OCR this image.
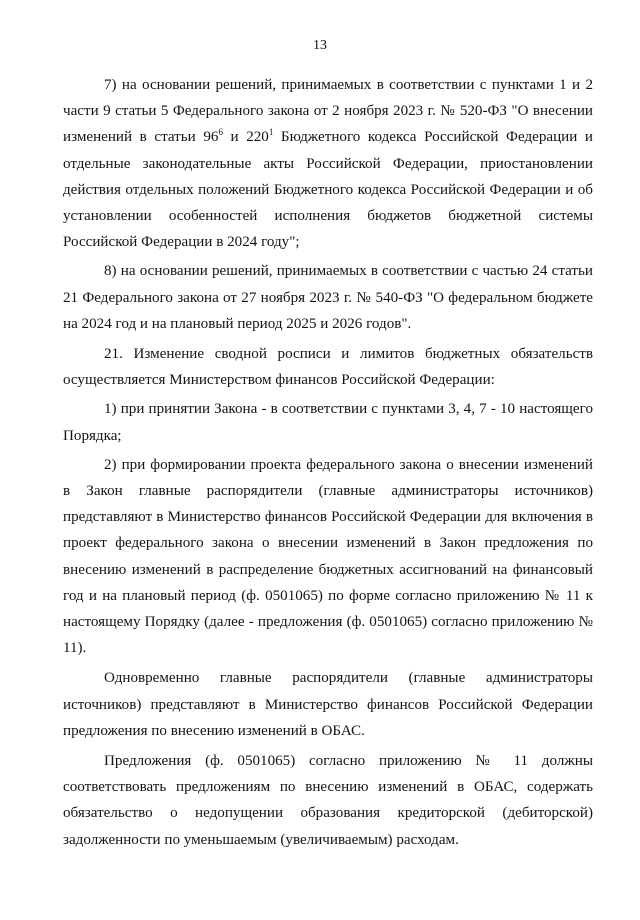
13

7) на основании решений, принимаемых в соответствии с пунктами 1 и 2 части 9 статьи 5 Федерального закона от 2 ноября 2023 г. № 520-ФЗ "О внесении изменений в статьи $96^6$ и $220^1$ Бюджетного кодекса Российской Федерации и отдельные законодательные акты Российской Федерации, приостановлении действия отдельных положений Бюджетного кодекса Российской Федерации и об установлении особенностей исполнения бюджетов бюджетной системы Российской Федерации в 2024 году";

8) на основании решений, принимаемых в соответствии с частью 24 статьи 21 Федерального закона от 27 ноября 2023 г. № 540-ФЗ "О федеральном бюджете на 2024 год и на плановый период 2025 и 2026 годов".

21. Изменение сводной росписи и лимитов бюджетных обязательств осуществляется Министерством финансов Российской Федерации:

1) при принятии Закона - в соответствии с пунктами 3, 4, 7 - 10 настоящего Порядка;

2) при формировании проекта федерального закона о внесении изменений в Закон главные распорядители (главные администраторы источников) представляют в Министерство финансов Российской Федерации для включения в проект федерального закона о внесении изменений в Закон предложения по внесению изменений в распределение бюджетных ассигнований на финансовый год и на плановый период (ф. 0501065) по форме согласно приложению № 11 к настоящему Порядку (далее - предложения (ф. 0501065) согласно приложению № 11).

Одновременно главные распорядители (главные администраторы источников) представляют в Министерство финансов Российской Федерации предложения по внесению изменений в ОБАС.

Предложения (ф. 0501065) согласно приложению № 11 должны соответствовать предложениям по внесению изменений в ОБАС, содержать обязательство о недопущении образования кредиторской (дебиторской) задолженности по уменьшаемым (увеличиваемым) расходам.
